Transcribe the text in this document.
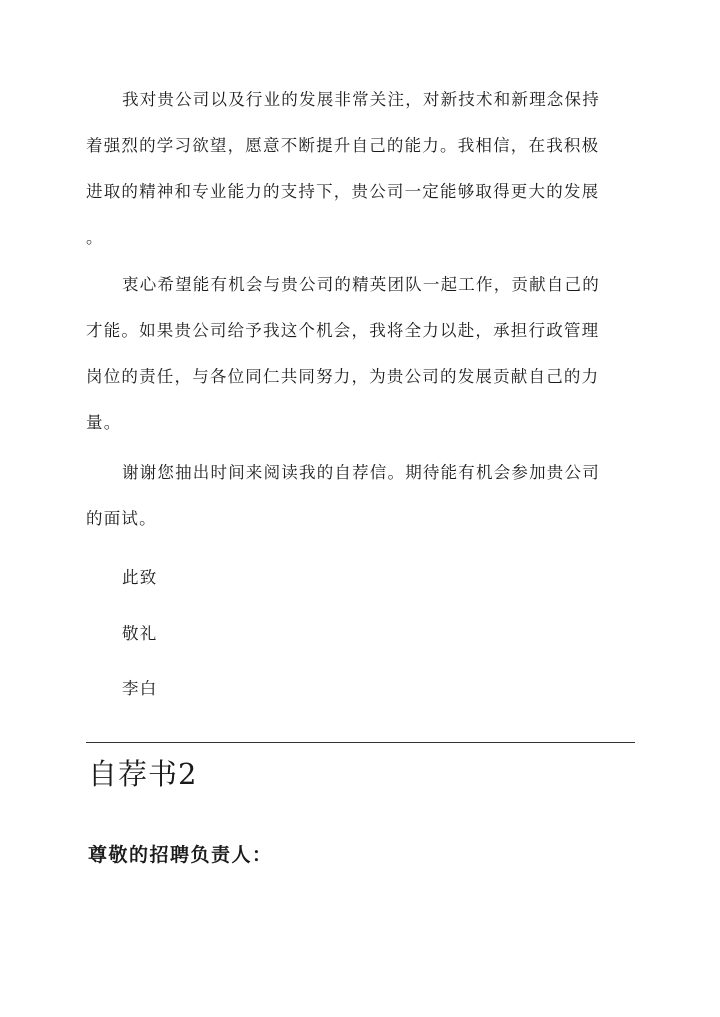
我对贵公司以及行业的发展非常关注，对新技术和新理念保持
着强烈的学习欲望，愿意不断提升自己的能力。我相信，在我积极
进取的精神和专业能力的支持下，贵公司一定能够取得更大的发展
。
衷心希望能有机会与贵公司的精英团队一起工作，贡献自己的
才能。如果贵公司给予我这个机会，我将全力以赴，承担行政管理
岗位的责任，与各位同仁共同努力，为贵公司的发展贡献自己的力
量。
谢谢您抽出时间来阅读我的自荐信。期待能有机会参加贵公司
的面试。

此致

敬礼

李白

自荐书2

尊敬的招聘负责人：
